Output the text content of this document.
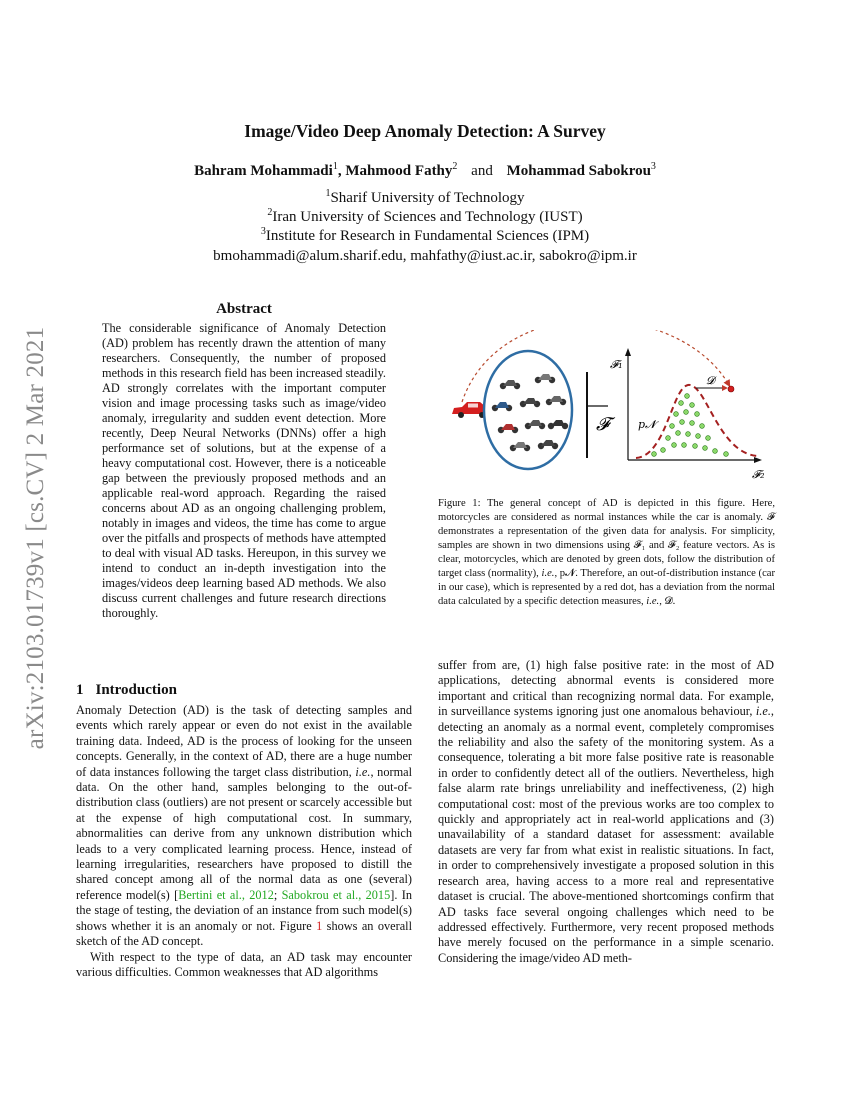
arXiv:2103.01739v1 [cs.CV] 2 Mar 2021
Image/Video Deep Anomaly Detection: A Survey
Bahram Mohammadi$^1$, Mahmood Fathy$^2$ and Mohammad Sabokrou$^3$
$^1$Sharif University of Technology
$^2$Iran University of Sciences and Technology (IUST)
$^3$Institute for Research in Fundamental Sciences (IPM)
bmohammadi@alum.sharif.edu, mahfathy@iust.ac.ir, sabokro@ipm.ir
Abstract
The considerable significance of Anomaly Detection (AD) problem has recently drawn the attention of many researchers. Consequently, the number of proposed methods in this research field has been increased steadily. AD strongly correlates with the important computer vision and image processing tasks such as image/video anomaly, irregularity and sudden event detection. More recently, Deep Neural Networks (DNNs) offer a high performance set of solutions, but at the expense of a heavy computational cost. However, there is a noticeable gap between the previously proposed methods and an applicable real-word approach. Regarding the raised concerns about AD as an ongoing challenging problem, notably in images and videos, the time has come to argue over the pitfalls and prospects of methods have attempted to deal with visual AD tasks. Hereupon, in this survey we intend to conduct an in-depth investigation into the images/videos deep learning based AD methods. We also discuss current challenges and future research directions thoroughly.
𝓕
𝓕₁
𝓕₂
p𝓝
𝓓
Figure 1: The general concept of AD is depicted in this figure. Here, motorcycles are considered as normal instances while the car is anomaly. 𝓕 demonstrates a representation of the given data for analysis. For simplicity, samples are shown in two dimensions using 𝓕₁ and 𝓕₂ feature vectors. As is clear, motorcycles, which are denoted by green dots, follow the distribution of target class (normality), i.e., p𝓝. Therefore, an out-of-distribution instance (car in our case), which is represented by a red dot, has a deviation from the normal data calculated by a specific detection measures, i.e., 𝓓.
1 Introduction

Anomaly Detection (AD) is the task of detecting samples and events which rarely appear or even do not exist in the available training data. Indeed, AD is the process of looking for the unseen concepts. Generally, in the context of AD, there are a huge number of data instances following the target class distribution, i.e., normal data. On the other hand, samples belonging to the out-of-distribution class (outliers) are not present or scarcely accessible but at the expense of high computational cost. In summary, abnormalities can derive from any unknown distribution which leads to a very complicated learning process. Hence, instead of learning irregularities, researchers have proposed to distill the shared concept among all of the normal data as one (several) reference model(s) [Bertini et al., 2012; Sabokrou et al., 2015]. In the stage of testing, the deviation of an instance from such model(s) shows whether it is an anomaly or not. Figure 1 shows an overall sketch of the AD concept.

With respect to the type of data, an AD task may encounter various difficulties. Common weaknesses that AD algorithms

suffer from are, (1) high false positive rate: in the most of AD applications, detecting abnormal events is considered more important and critical than recognizing normal data. For example, in surveillance systems ignoring just one anomalous behaviour, i.e., detecting an anomaly as a normal event, completely compromises the reliability and also the safety of the monitoring system. As a consequence, tolerating a bit more false positive rate is reasonable in order to confidently detect all of the outliers. Nevertheless, high false alarm rate brings unreliability and ineffectiveness, (2) high computational cost: most of the previous works are too complex to quickly and appropriately act in real-world applications and (3) unavailability of a standard dataset for assessment: available datasets are very far from what exist in realistic situations. In fact, in order to comprehensively investigate a proposed solution in this research area, having access to a more real and representative dataset is crucial. The above-mentioned shortcomings confirm that AD tasks face several ongoing challenges which need to be addressed effectively. Furthermore, very recent proposed methods have merely focused on the performance in a simple scenario. Considering the image/video AD meth-
